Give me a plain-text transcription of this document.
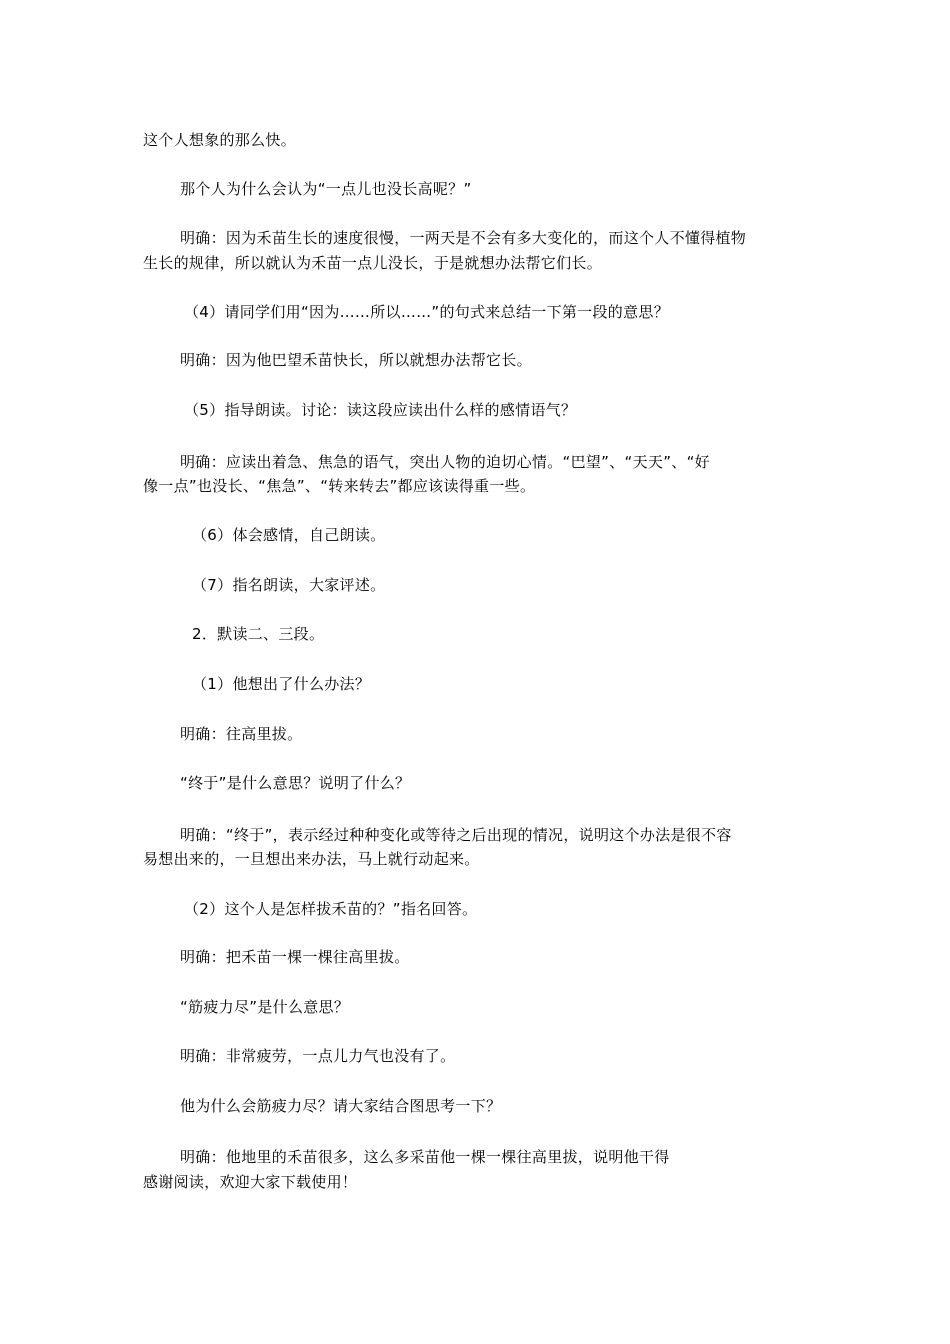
这个人想象的那么快。
那个人为什么会认为“一点儿也没长高呢？”
明确：因为禾苗生长的速度很慢，一两天是不会有多大变化的，而这个人不懂得植物
生长的规律，所以就认为禾苗一点儿没长，于是就想办法帮它们长。
（4）请同学们用“因为……所以……”的句式来总结一下第一段的意思？
明确：因为他巴望禾苗快长，所以就想办法帮它长。
（5）指导朗读。讨论：读这段应读出什么样的感情语气？
明确：应读出着急、焦急的语气，突出人物的迫切心情。“巴望”、“天天”、“好
像一点”也没长、“焦急”、“转来转去”都应该读得重一些。
（6）体会感情，自己朗读。
（7）指名朗读，大家评述。
2．默读二、三段。
（1）他想出了什么办法？
明确：往高里拔。
“终于”是什么意思？说明了什么？
明确：“终于”，表示经过种种变化或等待之后出现的情况，说明这个办法是很不容
易想出来的，一旦想出来办法，马上就行动起来。
（2）这个人是怎样拔禾苗的？”指名回答。
明确：把禾苗一棵一棵往高里拔。
“筋疲力尽”是什么意思？
明确：非常疲劳，一点儿力气也没有了。
他为什么会筋疲力尽？请大家结合图思考一下？
明确：他地里的禾苗很多，这么多采苗他一棵一棵往高里拔，说明他干得
感谢阅读，欢迎大家下载使用！
